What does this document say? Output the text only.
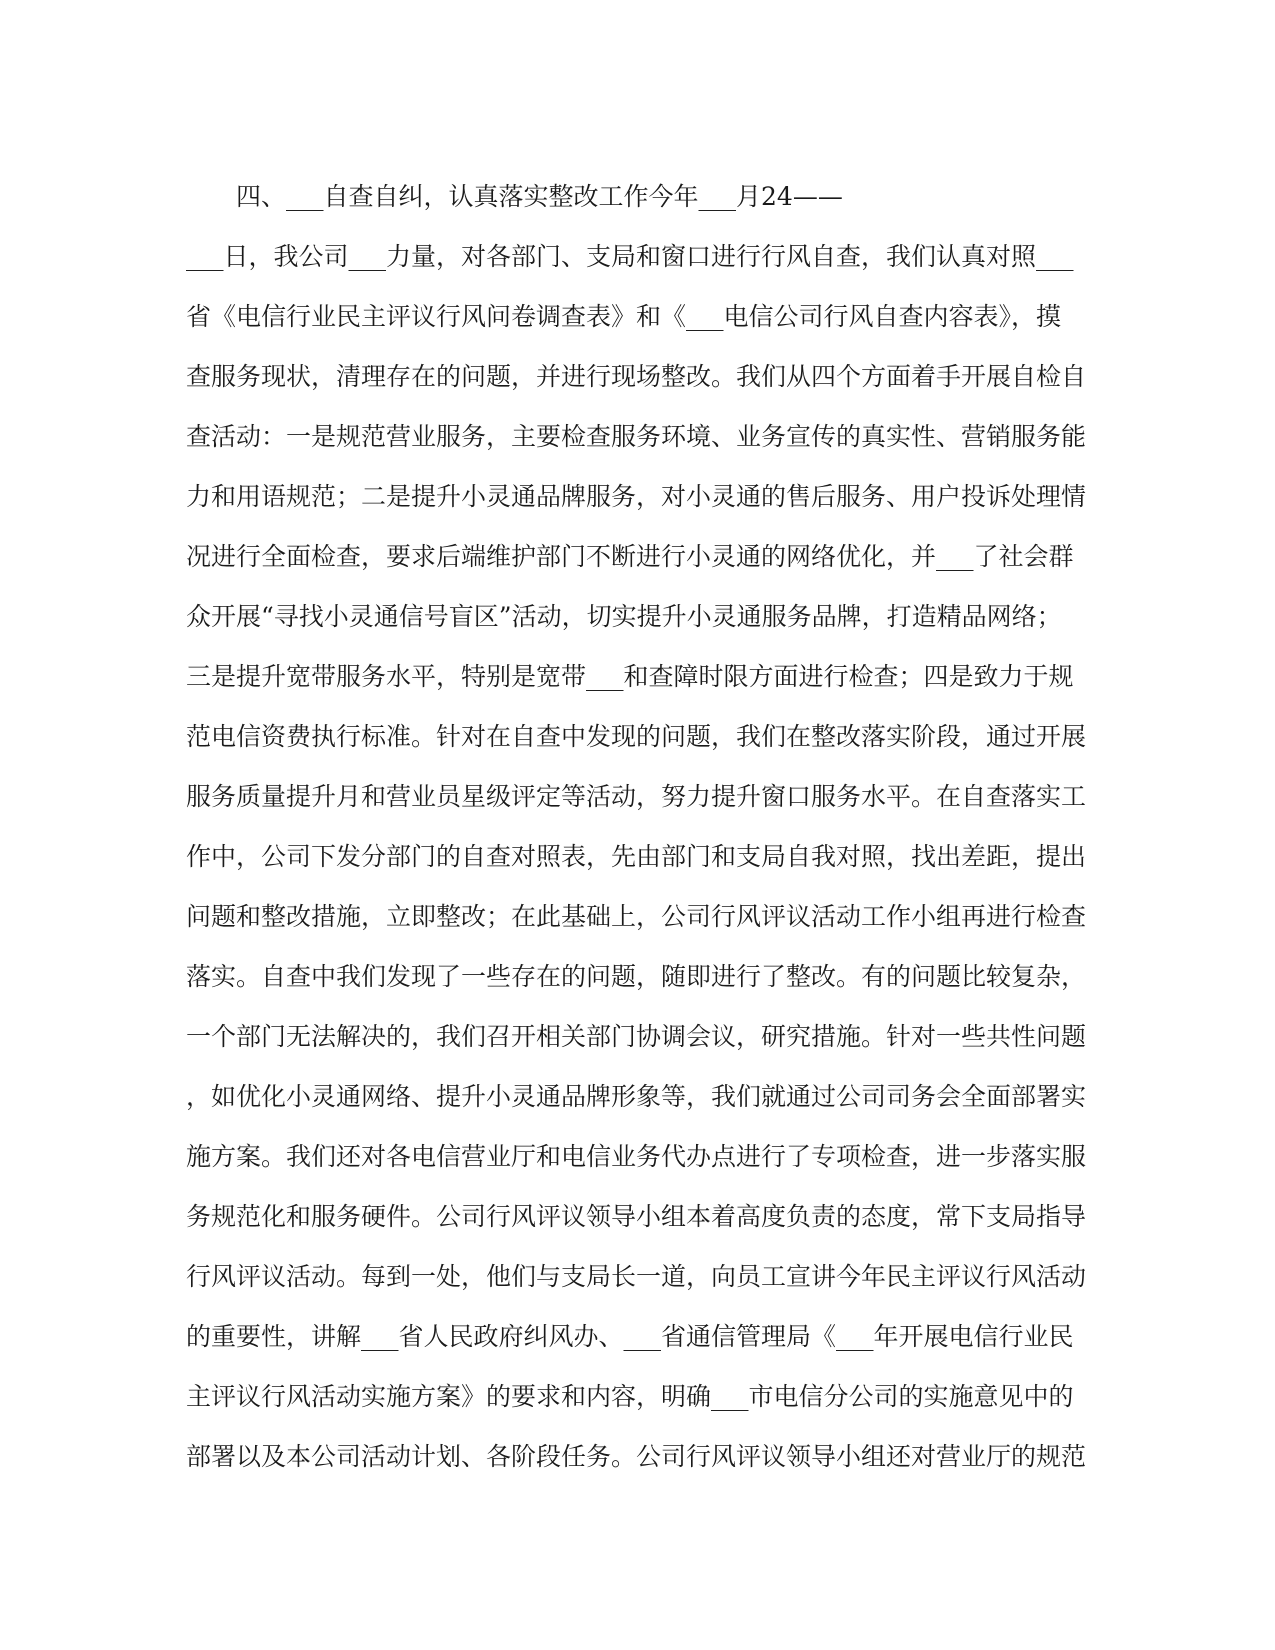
四、___自查自纠，认真落实整改工作今年___月24——
___日，我公司___力量，对各部门、支局和窗口进行行风自查，我们认真对照___
省《电信行业民主评议行风问卷调查表》和《___电信公司行风自查内容表》，摸
查服务现状，清理存在的问题，并进行现场整改。我们从四个方面着手开展自检自
查活动：一是规范营业服务，主要检查服务环境、业务宣传的真实性、营销服务能
力和用语规范；二是提升小灵通品牌服务，对小灵通的售后服务、用户投诉处理情
况进行全面检查，要求后端维护部门不断进行小灵通的网络优化，并___了社会群
众开展“寻找小灵通信号盲区”活动，切实提升小灵通服务品牌，打造精品网络；
三是提升宽带服务水平，特别是宽带___和查障时限方面进行检查；四是致力于规
范电信资费执行标准。针对在自查中发现的问题，我们在整改落实阶段，通过开展
服务质量提升月和营业员星级评定等活动，努力提升窗口服务水平。在自查落实工
作中，公司下发分部门的自查对照表，先由部门和支局自我对照，找出差距，提出
问题和整改措施，立即整改；在此基础上，公司行风评议活动工作小组再进行检查
落实。自查中我们发现了一些存在的问题，随即进行了整改。有的问题比较复杂，
一个部门无法解决的，我们召开相关部门协调会议，研究措施。针对一些共性问题
，如优化小灵通网络、提升小灵通品牌形象等，我们就通过公司司务会全面部署实
施方案。我们还对各电信营业厅和电信业务代办点进行了专项检查，进一步落实服
务规范化和服务硬件。公司行风评议领导小组本着高度负责的态度，常下支局指导
行风评议活动。每到一处，他们与支局长一道，向员工宣讲今年民主评议行风活动
的重要性，讲解___省人民政府纠风办、___省通信管理局《___年开展电信行业民
主评议行风活动实施方案》的要求和内容，明确___市电信分公司的实施意见中的
部署以及本公司活动计划、各阶段任务。公司行风评议领导小组还对营业厅的规范
